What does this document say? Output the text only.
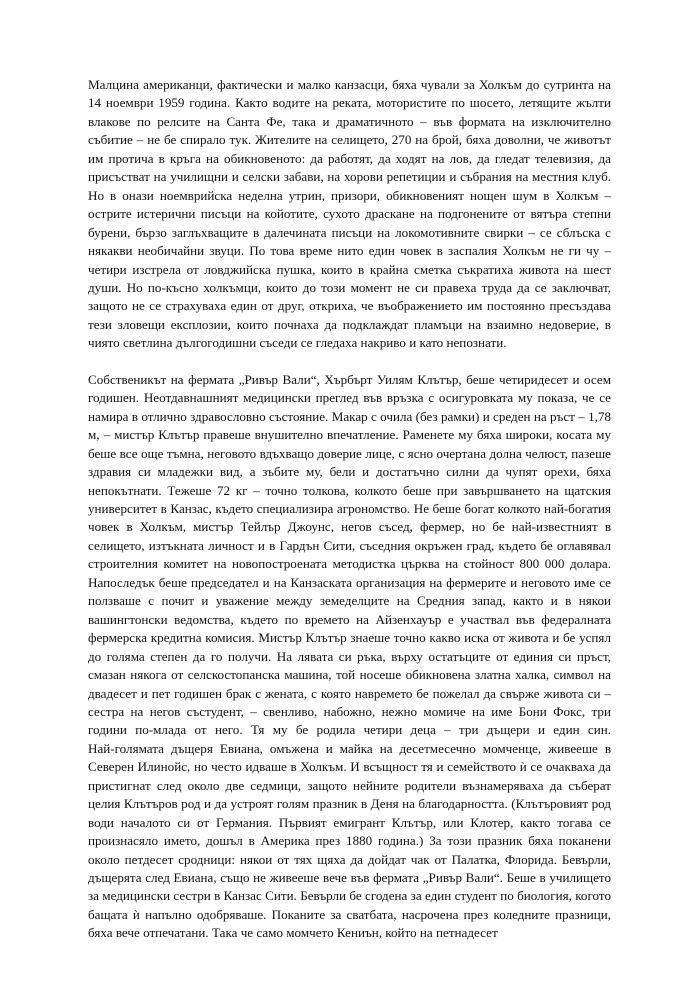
Малцина американци, фактически и малко канзасци, бяха чували за Холкъм до сутринта на 14 ноември 1959 година. Както водите на реката, мотористите по шосето, летящите жълти влакове по релсите на Санта Фе, така и драматичното – във формата на изключително събитие – не бе спирало тук. Жителите на селището, 270 на брой, бяха доволни, че животът им протича в кръга на обикновеното: да работят, да ходят на лов, да гледат телевизия, да присъстват на училищни и селски забави, на хорови репетиции и събрания на местния клуб. Но в онази ноемврийска неделна утрин, призори, обикновеният нощен шум в Холкъм – острите истерични писъци на койотите, сухото драскане на подгонените от вятъра степни бурени, бързо заглъхващите в далечината писъци на локомотивните свирки – се сблъска с някакви необичайни звуци. По това време нито един човек в заспалия Холкъм не ги чу – четири изстрела от ловджийска пушка, които в крайна сметка съкратиха живота на шест души. Но по-късно холкъмци, които до този момент не си правеха труда да се заключват, защото не се страхуваха един от друг, откриха, че въображението им постоянно пресъздава тези зловещи експлозии, които почнаха да подклаждат пламъци на взаимно недоверие, в чиято светлина дългогодишни съседи се гледаха накриво и като непознати.

Собственикът на фермата „Ривър Вали“, Хърбърт Уилям Клътър, беше четиридесет и осем годишен. Неотдавнашният медицински преглед във връзка с осигуровката му показа, че се намира в отлично здравословно състояние. Макар с очила (без рамки) и среден на ръст – 1,78 м, – мистър Клътър правеше внушително впечатление. Раменете му бяха широки, косата му беше все още тъмна, неговото вдъхващо доверие лице, с ясно очертана долна челюст, пазеше здравия си младежки вид, а зъбите му, бели и достатъчно силни да чупят орехи, бяха непокътнати. Тежеше 72 кг – точно толкова, колкото беше при завършването на щатския университет в Канзас, където специализира агрономство. Не беше богат колкото най-богатия човек в Холкъм, мистър Тейлър Джоунс, негов съсед, фермер, но бе най-известният в селището, изтъкната личност и в Гардън Сити, съседния окръжен град, където бе оглавявал строителния комитет на новопостроената методистка църква на стойност 800 000 долара. Напоследък беше председател и на Канзаската организация на фермерите и неговото име се ползваше с почит и уважение между земеделците на Средния запад, както и в някои вашингтонски ведомства, където по времето на Айзенхауър е участвал във федералната фермерска кредитна комисия. Мистър Клътър знаеше точно какво иска от живота и бе успял до голяма степен да го получи. На лявата си ръка, върху остатъците от единия си пръст, смазан някога от селскостопанска машина, той носеше обикновена златна халка, символ на двадесет и пет годишен брак с жената, с която навремето бе пожелал да свърже живота си – сестра на негов състудент, – свенливо, набожно, нежно момиче на име Бони Фокс, три години по‑млада от него. Тя му бе родила четири деца – три дъщери и един син. Най‑голямата дъщеря Евиана, омъжена и майка на десетмесечно момченце, живееше в Северен Илинойс, но често идваше в Холкъм. И всъщност тя и семейството ѝ се очакваха да пристигнат след около две седмици, защото нейните родители възнамеряваха да съберат целия Клътъров род и да устроят голям празник в Деня на благодарността. (Клътъровият род води началото си от Германия. Първият емигрант Клътър, или Клотер, както тогава се произнасяло името, дошъл в Америка през 1880 година.) За този празник бяха поканени около петдесет сродници: някои от тях щяха да дойдат чак от Палатка, Флорида. Бевърли, дъщерята след Евиана, също не живееше вече във фермата „Ривър Вали“. Беше в училището за медицински сестри в Канзас Сити. Бевърли бе сгодена за един студент по биология, когото бащата ѝ напълно одобряваше. Поканите за сватбата, насрочена през коледните празници, бяха вече отпечатани. Така че само момчето Кениън, който на петнадесет
